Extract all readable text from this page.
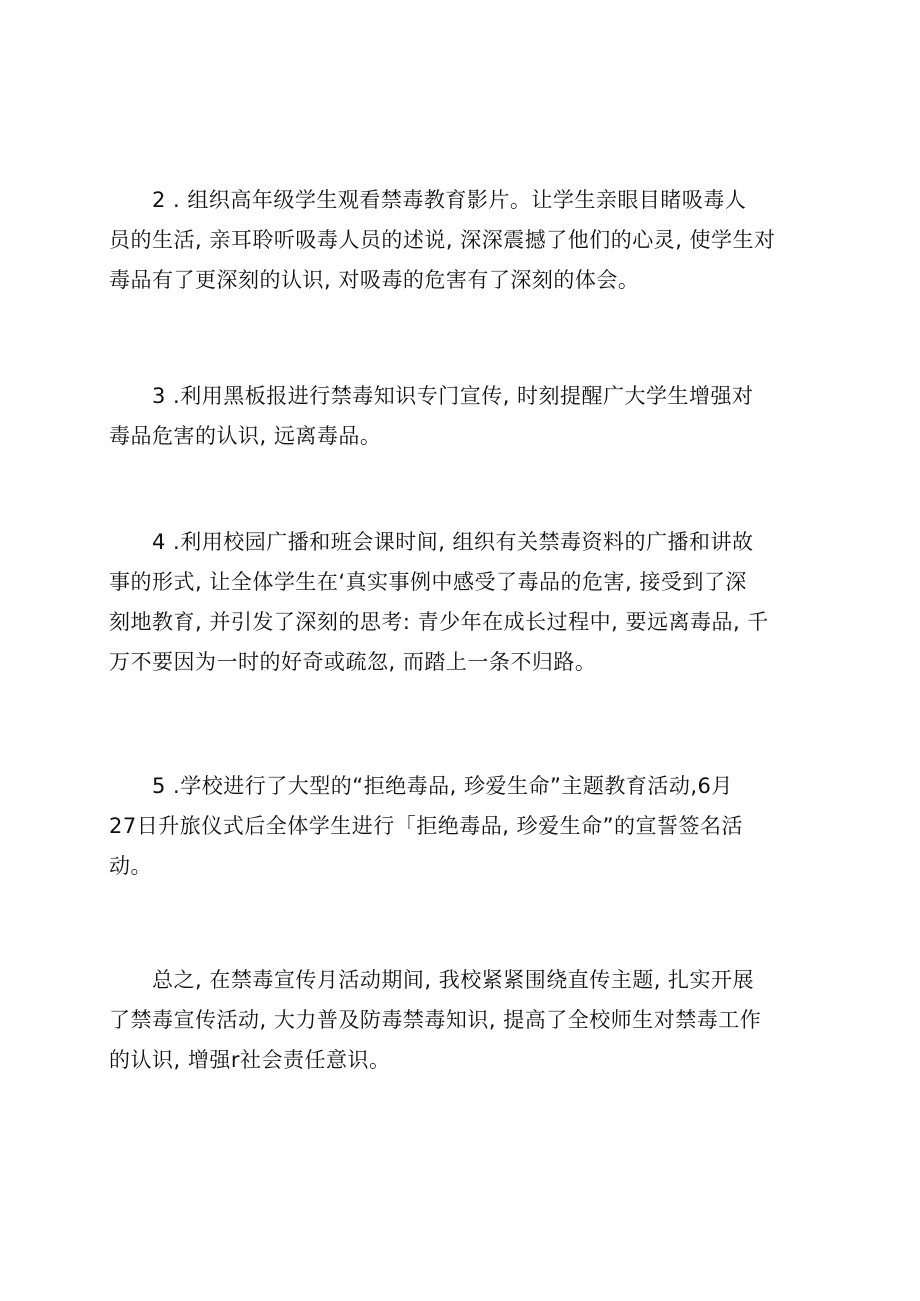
2 . 组织高年级学生观看禁毒教育影片。让学生亲眼目睹吸毒人
员的生活, 亲耳聆听吸毒人员的述说, 深深震撼了他们的心灵, 使学生对
毒品有了更深刻的认识, 对吸毒的危害有了深刻的体会。
3 .利用黑板报进行禁毒知识专门宣传, 时刻提醒广大学生增强对
毒品危害的认识, 远离毒品。
4 .利用校园广播和班会课时间, 组织有关禁毒资料的广播和讲故
事的形式, 让全体学生在‘真实事例中感受了毒品的危害, 接受到了深
刻地教育, 并引发了深刻的思考: 青少年在成长过程中, 要远离毒品, 千
万不要因为一时的好奇或疏忽, 而踏上一条不归路。
5 .学校进行了大型的“拒绝毒品, 珍爱生命”主题教育活动,6月
27日升旅仪式后全体学生进行「拒绝毒品, 珍爱生命”的宣誓签名活
动。
总之, 在禁毒宣传月活动期间, 我校紧紧围绕直传主题, 扎实开展
了禁毒宣传活动, 大力普及防毒禁毒知识, 提高了全校师生对禁毒工作
的认识, 增强r社会责任意识。
